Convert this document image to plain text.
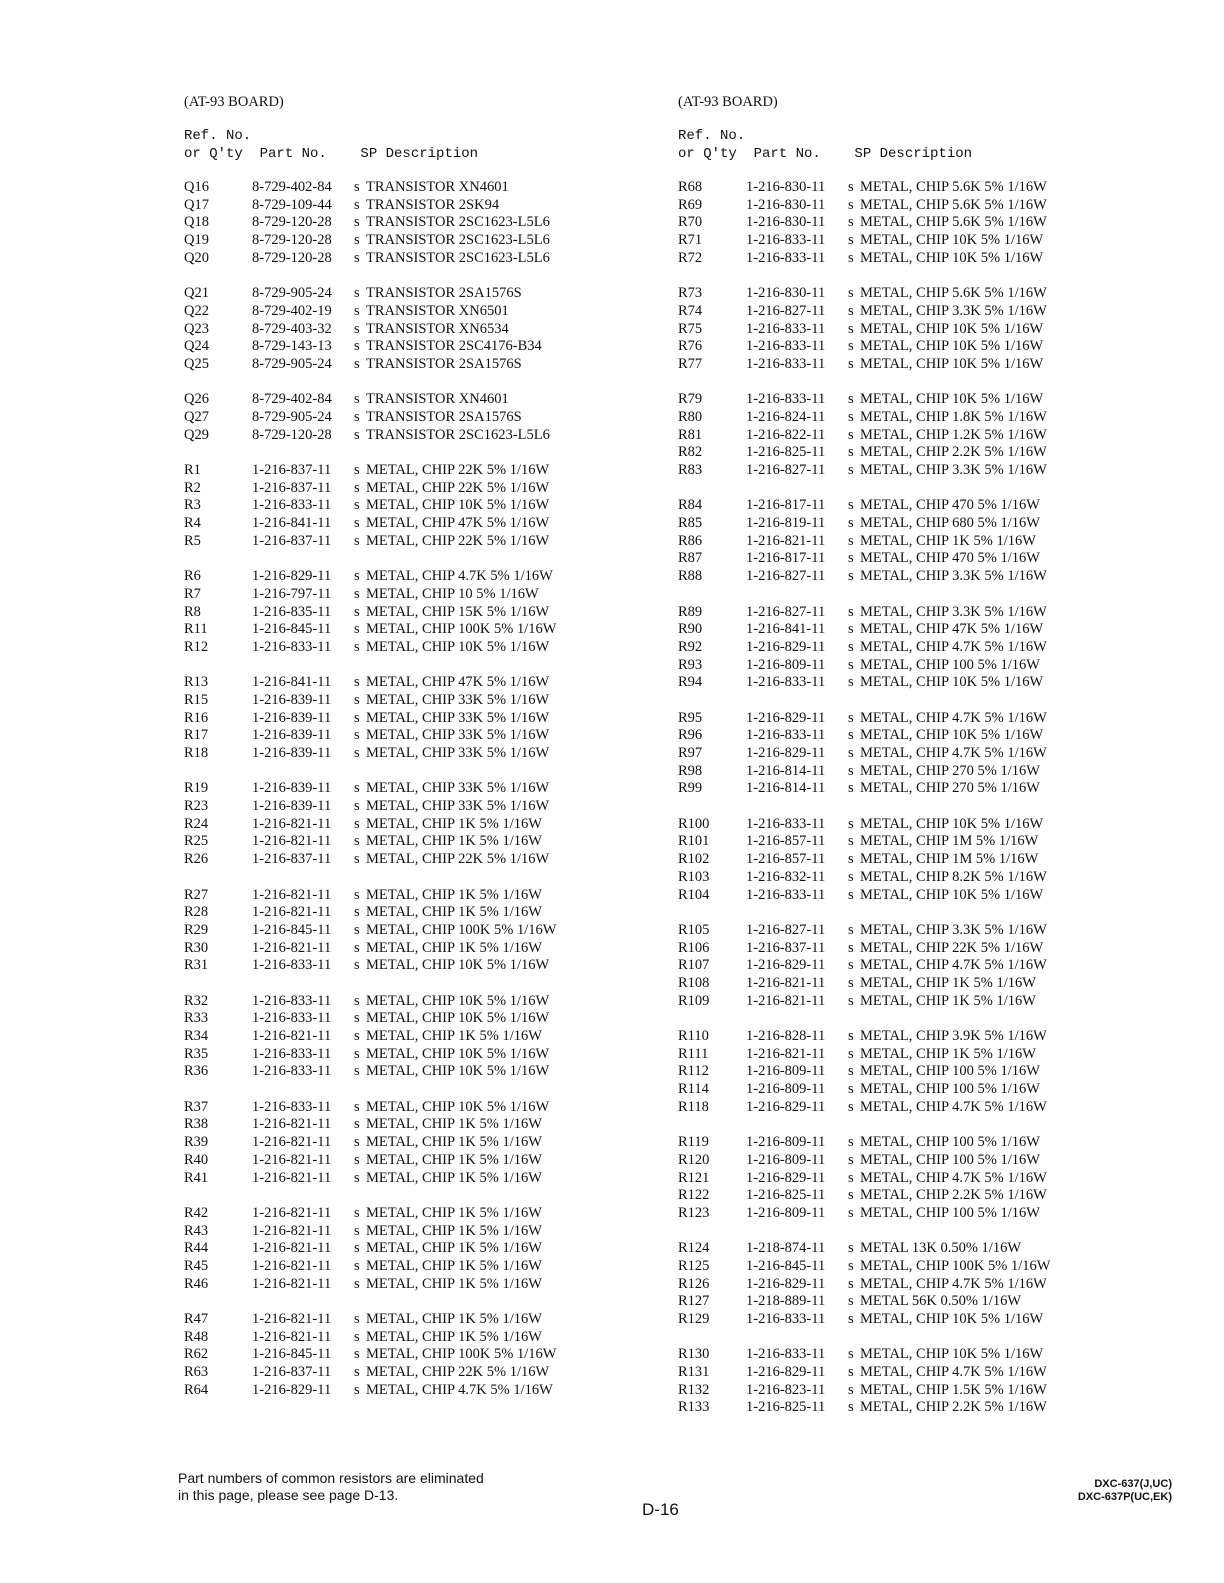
(AT-93 BOARD)
Ref. No.
or Q'ty  Part No.    SP Description
Q16	8-729-402-84	s TRANSISTOR XN4601
Q17	8-729-109-44	s TRANSISTOR 2SK94
Q18	8-729-120-28	s TRANSISTOR 2SC1623-L5L6
Q19	8-729-120-28	s TRANSISTOR 2SC1623-L5L6
Q20	8-729-120-28	s TRANSISTOR 2SC1623-L5L6
Q21	8-729-905-24	s TRANSISTOR 2SA1576S
Q22	8-729-402-19	s TRANSISTOR XN6501
Q23	8-729-403-32	s TRANSISTOR XN6534
Q24	8-729-143-13	s TRANSISTOR 2SC4176-B34
Q25	8-729-905-24	s TRANSISTOR 2SA1576S
Q26	8-729-402-84	s TRANSISTOR XN4601
Q27	8-729-905-24	s TRANSISTOR 2SA1576S
Q29	8-729-120-28	s TRANSISTOR 2SC1623-L5L6
R1	1-216-837-11	s METAL, CHIP 22K 5% 1/16W
R2	1-216-837-11	s METAL, CHIP 22K 5% 1/16W
R3	1-216-833-11	s METAL, CHIP 10K 5% 1/16W
R4	1-216-841-11	s METAL, CHIP 47K 5% 1/16W
R5	1-216-837-11	s METAL, CHIP 22K 5% 1/16W
R6	1-216-829-11	s METAL, CHIP 4.7K 5% 1/16W
R7	1-216-797-11	s METAL, CHIP 10 5% 1/16W
R8	1-216-835-11	s METAL, CHIP 15K 5% 1/16W
R11	1-216-845-11	s METAL, CHIP 100K 5% 1/16W
R12	1-216-833-11	s METAL, CHIP 10K 5% 1/16W
R13	1-216-841-11	s METAL, CHIP 47K 5% 1/16W
R15	1-216-839-11	s METAL, CHIP 33K 5% 1/16W
R16	1-216-839-11	s METAL, CHIP 33K 5% 1/16W
R17	1-216-839-11	s METAL, CHIP 33K 5% 1/16W
R18	1-216-839-11	s METAL, CHIP 33K 5% 1/16W
R19	1-216-839-11	s METAL, CHIP 33K 5% 1/16W
R23	1-216-839-11	s METAL, CHIP 33K 5% 1/16W
R24	1-216-821-11	s METAL, CHIP 1K 5% 1/16W
R25	1-216-821-11	s METAL, CHIP 1K 5% 1/16W
R26	1-216-837-11	s METAL, CHIP 22K 5% 1/16W
R27	1-216-821-11	s METAL, CHIP 1K 5% 1/16W
R28	1-216-821-11	s METAL, CHIP 1K 5% 1/16W
R29	1-216-845-11	s METAL, CHIP 100K 5% 1/16W
R30	1-216-821-11	s METAL, CHIP 1K 5% 1/16W
R31	1-216-833-11	s METAL, CHIP 10K 5% 1/16W
R32	1-216-833-11	s METAL, CHIP 10K 5% 1/16W
R33	1-216-833-11	s METAL, CHIP 10K 5% 1/16W
R34	1-216-821-11	s METAL, CHIP 1K 5% 1/16W
R35	1-216-833-11	s METAL, CHIP 10K 5% 1/16W
R36	1-216-833-11	s METAL, CHIP 10K 5% 1/16W
R37	1-216-833-11	s METAL, CHIP 10K 5% 1/16W
R38	1-216-821-11	s METAL, CHIP 1K 5% 1/16W
R39	1-216-821-11	s METAL, CHIP 1K 5% 1/16W
R40	1-216-821-11	s METAL, CHIP 1K 5% 1/16W
R41	1-216-821-11	s METAL, CHIP 1K 5% 1/16W
R42	1-216-821-11	s METAL, CHIP 1K 5% 1/16W
R43	1-216-821-11	s METAL, CHIP 1K 5% 1/16W
R44	1-216-821-11	s METAL, CHIP 1K 5% 1/16W
R45	1-216-821-11	s METAL, CHIP 1K 5% 1/16W
R46	1-216-821-11	s METAL, CHIP 1K 5% 1/16W
R47	1-216-821-11	s METAL, CHIP 1K 5% 1/16W
R48	1-216-821-11	s METAL, CHIP 1K 5% 1/16W
R62	1-216-845-11	s METAL, CHIP 100K 5% 1/16W
R63	1-216-837-11	s METAL, CHIP 22K 5% 1/16W
R64	1-216-829-11	s METAL, CHIP 4.7K 5% 1/16W
(AT-93 BOARD)
Ref. No.
or Q'ty  Part No.    SP Description
R68	1-216-830-11	s METAL, CHIP 5.6K 5% 1/16W
R69	1-216-830-11	s METAL, CHIP 5.6K 5% 1/16W
R70	1-216-830-11	s METAL, CHIP 5.6K 5% 1/16W
R71	1-216-833-11	s METAL, CHIP 10K 5% 1/16W
R72	1-216-833-11	s METAL, CHIP 10K 5% 1/16W
R73	1-216-830-11	s METAL, CHIP 5.6K 5% 1/16W
R74	1-216-827-11	s METAL, CHIP 3.3K 5% 1/16W
R75	1-216-833-11	s METAL, CHIP 10K 5% 1/16W
R76	1-216-833-11	s METAL, CHIP 10K 5% 1/16W
R77	1-216-833-11	s METAL, CHIP 10K 5% 1/16W
R79	1-216-833-11	s METAL, CHIP 10K 5% 1/16W
R80	1-216-824-11	s METAL, CHIP 1.8K 5% 1/16W
R81	1-216-822-11	s METAL, CHIP 1.2K 5% 1/16W
R82	1-216-825-11	s METAL, CHIP 2.2K 5% 1/16W
R83	1-216-827-11	s METAL, CHIP 3.3K 5% 1/16W
R84	1-216-817-11	s METAL, CHIP 470 5% 1/16W
R85	1-216-819-11	s METAL, CHIP 680 5% 1/16W
R86	1-216-821-11	s METAL, CHIP 1K 5% 1/16W
R87	1-216-817-11	s METAL, CHIP 470 5% 1/16W
R88	1-216-827-11	s METAL, CHIP 3.3K 5% 1/16W
R89	1-216-827-11	s METAL, CHIP 3.3K 5% 1/16W
R90	1-216-841-11	s METAL, CHIP 47K 5% 1/16W
R92	1-216-829-11	s METAL, CHIP 4.7K 5% 1/16W
R93	1-216-809-11	s METAL, CHIP 100 5% 1/16W
R94	1-216-833-11	s METAL, CHIP 10K 5% 1/16W
R95	1-216-829-11	s METAL, CHIP 4.7K 5% 1/16W
R96	1-216-833-11	s METAL, CHIP 10K 5% 1/16W
R97	1-216-829-11	s METAL, CHIP 4.7K 5% 1/16W
R98	1-216-814-11	s METAL, CHIP 270 5% 1/16W
R99	1-216-814-11	s METAL, CHIP 270 5% 1/16W
R100	1-216-833-11	s METAL, CHIP 10K 5% 1/16W
R101	1-216-857-11	s METAL, CHIP 1M 5% 1/16W
R102	1-216-857-11	s METAL, CHIP 1M 5% 1/16W
R103	1-216-832-11	s METAL, CHIP 8.2K 5% 1/16W
R104	1-216-833-11	s METAL, CHIP 10K 5% 1/16W
R105	1-216-827-11	s METAL, CHIP 3.3K 5% 1/16W
R106	1-216-837-11	s METAL, CHIP 22K 5% 1/16W
R107	1-216-829-11	s METAL, CHIP 4.7K 5% 1/16W
R108	1-216-821-11	s METAL, CHIP 1K 5% 1/16W
R109	1-216-821-11	s METAL, CHIP 1K 5% 1/16W
R110	1-216-828-11	s METAL, CHIP 3.9K 5% 1/16W
R111	1-216-821-11	s METAL, CHIP 1K 5% 1/16W
R112	1-216-809-11	s METAL, CHIP 100 5% 1/16W
R114	1-216-809-11	s METAL, CHIP 100 5% 1/16W
R118	1-216-829-11	s METAL, CHIP 4.7K 5% 1/16W
R119	1-216-809-11	s METAL, CHIP 100 5% 1/16W
R120	1-216-809-11	s METAL, CHIP 100 5% 1/16W
R121	1-216-829-11	s METAL, CHIP 4.7K 5% 1/16W
R122	1-216-825-11	s METAL, CHIP 2.2K 5% 1/16W
R123	1-216-809-11	s METAL, CHIP 100 5% 1/16W
R124	1-218-874-11	s METAL 13K 0.50% 1/16W
R125	1-216-845-11	s METAL, CHIP 100K 5% 1/16W
R126	1-216-829-11	s METAL, CHIP 4.7K 5% 1/16W
R127	1-218-889-11	s METAL 56K 0.50% 1/16W
R129	1-216-833-11	s METAL, CHIP 10K 5% 1/16W
R130	1-216-833-11	s METAL, CHIP 10K 5% 1/16W
R131	1-216-829-11	s METAL, CHIP 4.7K 5% 1/16W
R132	1-216-823-11	s METAL, CHIP 1.5K 5% 1/16W
R133	1-216-825-11	s METAL, CHIP 2.2K 5% 1/16W
Part numbers of common resistors are eliminated
in this page, please see page D-13.
D-16
DXC-637(J,UC)
DXC-637P(UC,EK)
